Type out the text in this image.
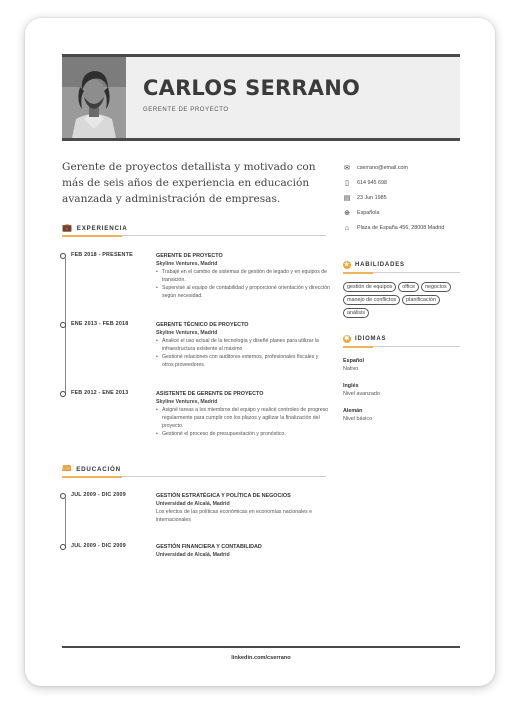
CARLOS SERRANO
GERENTE DE PROYECTO
Gerente de proyectos detallista y motivado con más de seis años de experiencia en educación avanzada y administración de empresas.
💼 EXPERIENCIA
FEB 2018 - PRESENTE	GERENTE DE PROYECTO
Skyline Ventures, Madrid
• Trabajé en el cambio de sistemas de gestión de legado y en equipos de transición.
• Supervisé al equipo de contabilidad y proporcioné orientación y dirección según necesidad.
ENE 2013 - FEB 2018	GERENTE TÉCNICO DE PROYECTO
Skyline Ventures, Madrid
• Analicé el uso actual de la tecnología y diseñé planes para utilizar la infraestructura existente al máximo
• Gestioné relaciones con auditores externos, profesionales fiscales y otros proveedores.
FEB 2012 - ENE 2013	ASISTENTE DE GERENTE DE PROYECTO
Skyline Ventures, Madrid
• Asigné tareas a los miembros del equipo y realicé controles de progreso regularmente para cumplir con los plazos y agilizar la finalización del proyecto.
• Gestioné el proceso de presupuestación y pronóstico.
🕮 EDUCACIÓN
JUL 2009 - DIC 2009	GESTIÓN ESTRATÉGICA Y POLÍTICA DE NEGOCIOS
Universidad de Alcalá, Madrid
Los efectos de las políticas económicas en economías nacionales e internacionales
JUL 2009 - DIC 2009	GESTIÓN FINANCIERA Y CONTABILIDAD
Universidad de Alcalá, Madrid
✉ cserrano@email.com
▯	614 945 698
▤ 23 Jun 1985
⊕ Española
⌂	Plaza de España 456, 28008 Madrid
★ HABILIDADES
gestión de equipos	office	negocios
manejo de conflictos	planificación
análisis
✱ IDIOMAS
Español
Nativo
Inglés
Nivel avanzado
Alemán
Nivel básico
linkedin.com/cserrano
